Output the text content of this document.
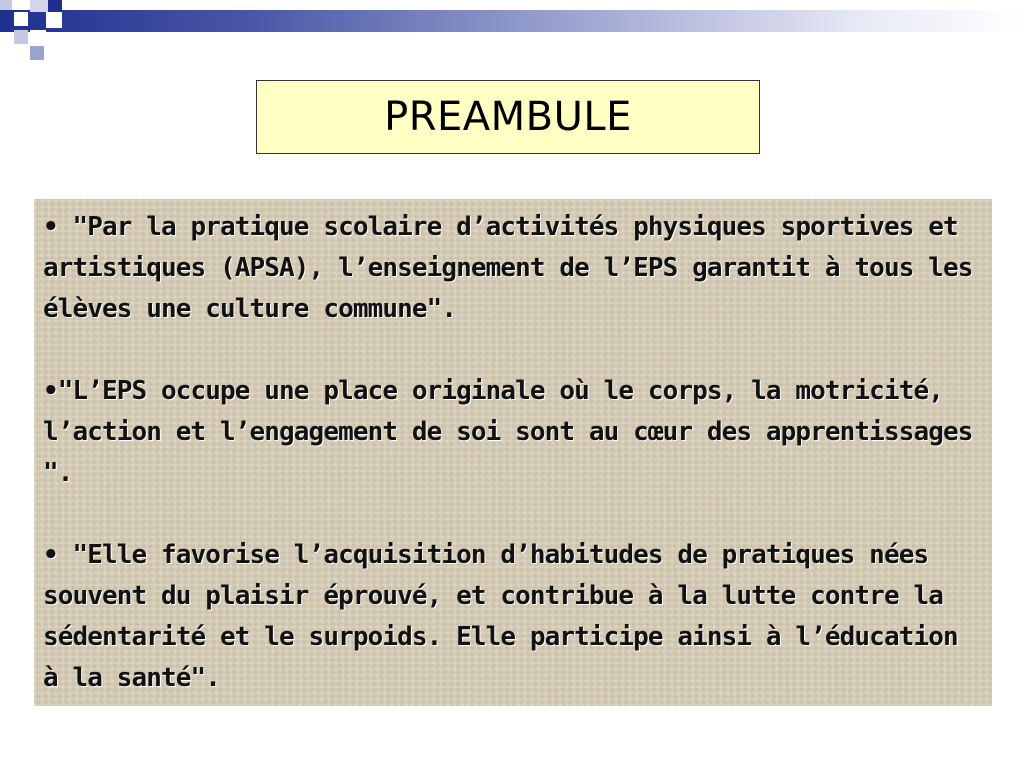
PREAMBULE

• "Par la pratique scolaire d’activités physiques sportives et artistiques (APSA), l’enseignement de l’EPS garantit à tous les élèves une culture commune".

•"L’EPS occupe une place originale où le corps, la motricité, l’action et l’engagement de soi sont au cœur des apprentissages ".

• "Elle favorise l’acquisition d’habitudes de pratiques nées souvent du plaisir éprouvé, et contribue à la lutte contre la sédentarité et le surpoids. Elle participe ainsi à l’éducation à la santé".
